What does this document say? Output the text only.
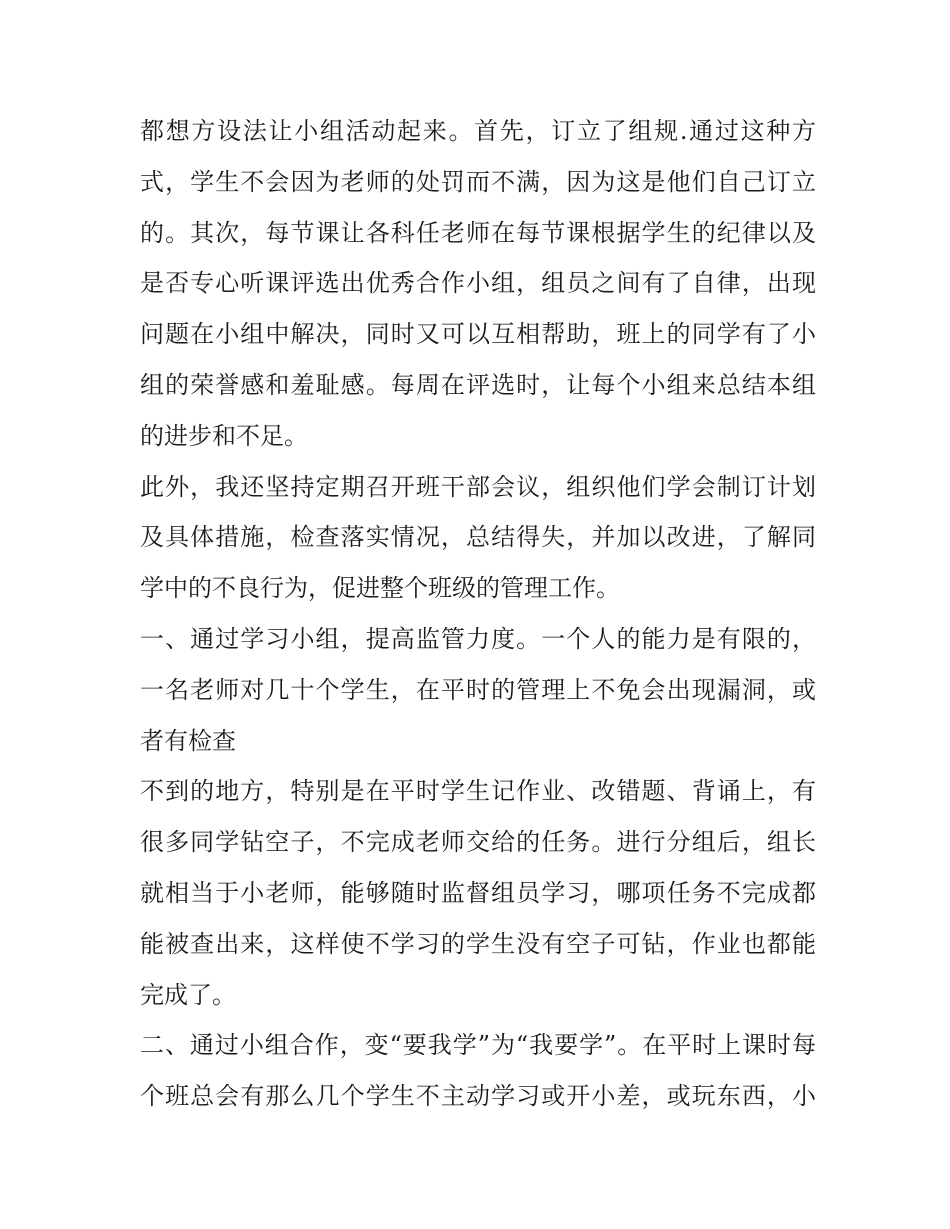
都想方设法让小组活动起来。首先，订立了组规.通过这种方
式，学生不会因为老师的处罚而不满，因为这是他们自己订立
的。其次，每节课让各科任老师在每节课根据学生的纪律以及
是否专心听课评选出优秀合作小组，组员之间有了自律，出现
问题在小组中解决，同时又可以互相帮助，班上的同学有了小
组的荣誉感和羞耻感。每周在评选时，让每个小组来总结本组
的进步和不足。
此外，我还坚持定期召开班干部会议，组织他们学会制订计划
及具体措施，检查落实情况，总结得失，并加以改进，了解同
学中的不良行为，促进整个班级的管理工作。
一、通过学习小组，提高监管力度。一个人的能力是有限的，
一名老师对几十个学生，在平时的管理上不免会出现漏洞，或
者有检查
不到的地方，特别是在平时学生记作业、改错题、背诵上，有
很多同学钻空子，不完成老师交给的任务。进行分组后，组长
就相当于小老师，能够随时监督组员学习，哪项任务不完成都
能被查出来，这样使不学习的学生没有空子可钻，作业也都能
完成了。
二、通过小组合作，变“要我学”为“我要学”。在平时上课时每
个班总会有那么几个学生不主动学习或开小差，或玩东西，小
